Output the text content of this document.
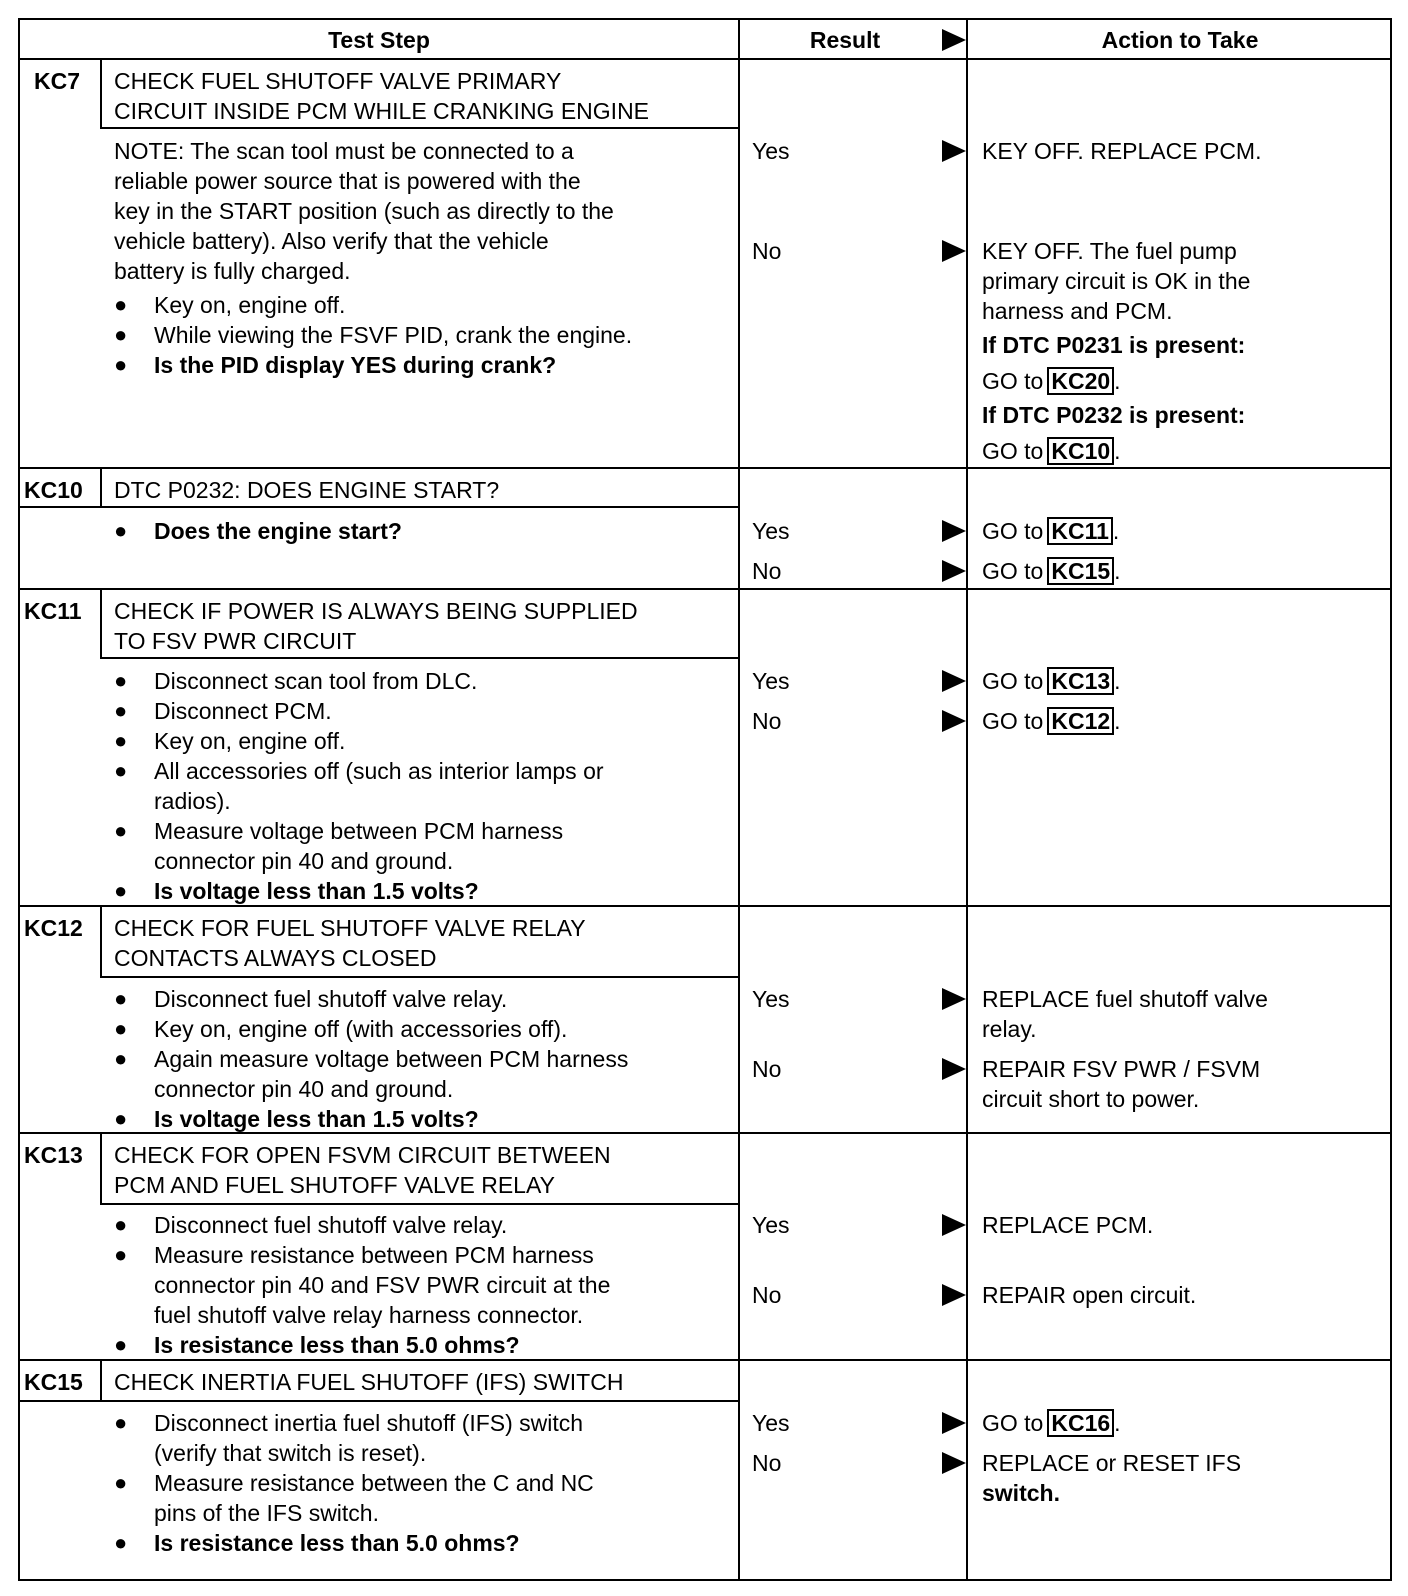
Test Step	Result	Action to Take
KC7 CHECK FUEL SHUTOFF VALVE PRIMARY
CIRCUIT INSIDE PCM WHILE CRANKING ENGINE
NOTE: The scan tool must be connected to a
reliable power source that is powered with the
key in the START position (such as directly to the
vehicle battery). Also verify that the vehicle
battery is fully charged.
● Key on, engine off.
● While viewing the FSVF PID, crank the engine.
● Is the PID display YES during crank?
Yes	KEY OFF. REPLACE PCM.
No	KEY OFF. The fuel pump
primary circuit is OK in the
harness and PCM.
If DTC P0231 is present:
GO to KC20 .
If DTC P0232 is present:
GO to KC10 .
KC10 DTC P0232: DOES ENGINE START?
● Does the engine start?	Yes	GO to KC11 .
No	GO to KC15 .
KC11 CHECK IF POWER IS ALWAYS BEING SUPPLIED
TO FSV PWR CIRCUIT
● Disconnect scan tool from DLC.
● Disconnect PCM.
● Key on, engine off.
● All accessories off (such as interior lamps or
radios).
● Measure voltage between PCM harness
connector pin 40 and ground.
● Is voltage less than 1.5 volts?
Yes	GO to KC13 .
No	GO to KC12 .
KC12 CHECK FOR FUEL SHUTOFF VALVE RELAY
CONTACTS ALWAYS CLOSED
● Disconnect fuel shutoff valve relay.
● Key on, engine off (with accessories off).
● Again measure voltage between PCM harness
connector pin 40 and ground.
● Is voltage less than 1.5 volts?
Yes	REPLACE fuel shutoff valve
relay.
No	REPAIR FSV PWR / FSVM
circuit short to power.
KC13 CHECK FOR OPEN FSVM CIRCUIT BETWEEN
PCM AND FUEL SHUTOFF VALVE RELAY
● Disconnect fuel shutoff valve relay.
● Measure resistance between PCM harness
connector pin 40 and FSV PWR circuit at the
fuel shutoff valve relay harness connector.
● Is resistance less than 5.0 ohms?
Yes	REPLACE PCM.
No	REPAIR open circuit.
KC15 CHECK INERTIA FUEL SHUTOFF (IFS) SWITCH
● Disconnect inertia fuel shutoff (IFS) switch
(verify that switch is reset).
● Measure resistance between the C and NC
pins of the IFS switch.
● Is resistance less than 5.0 ohms?
Yes	GO to KC16 .
No	REPLACE or RESET IFS
switch.
